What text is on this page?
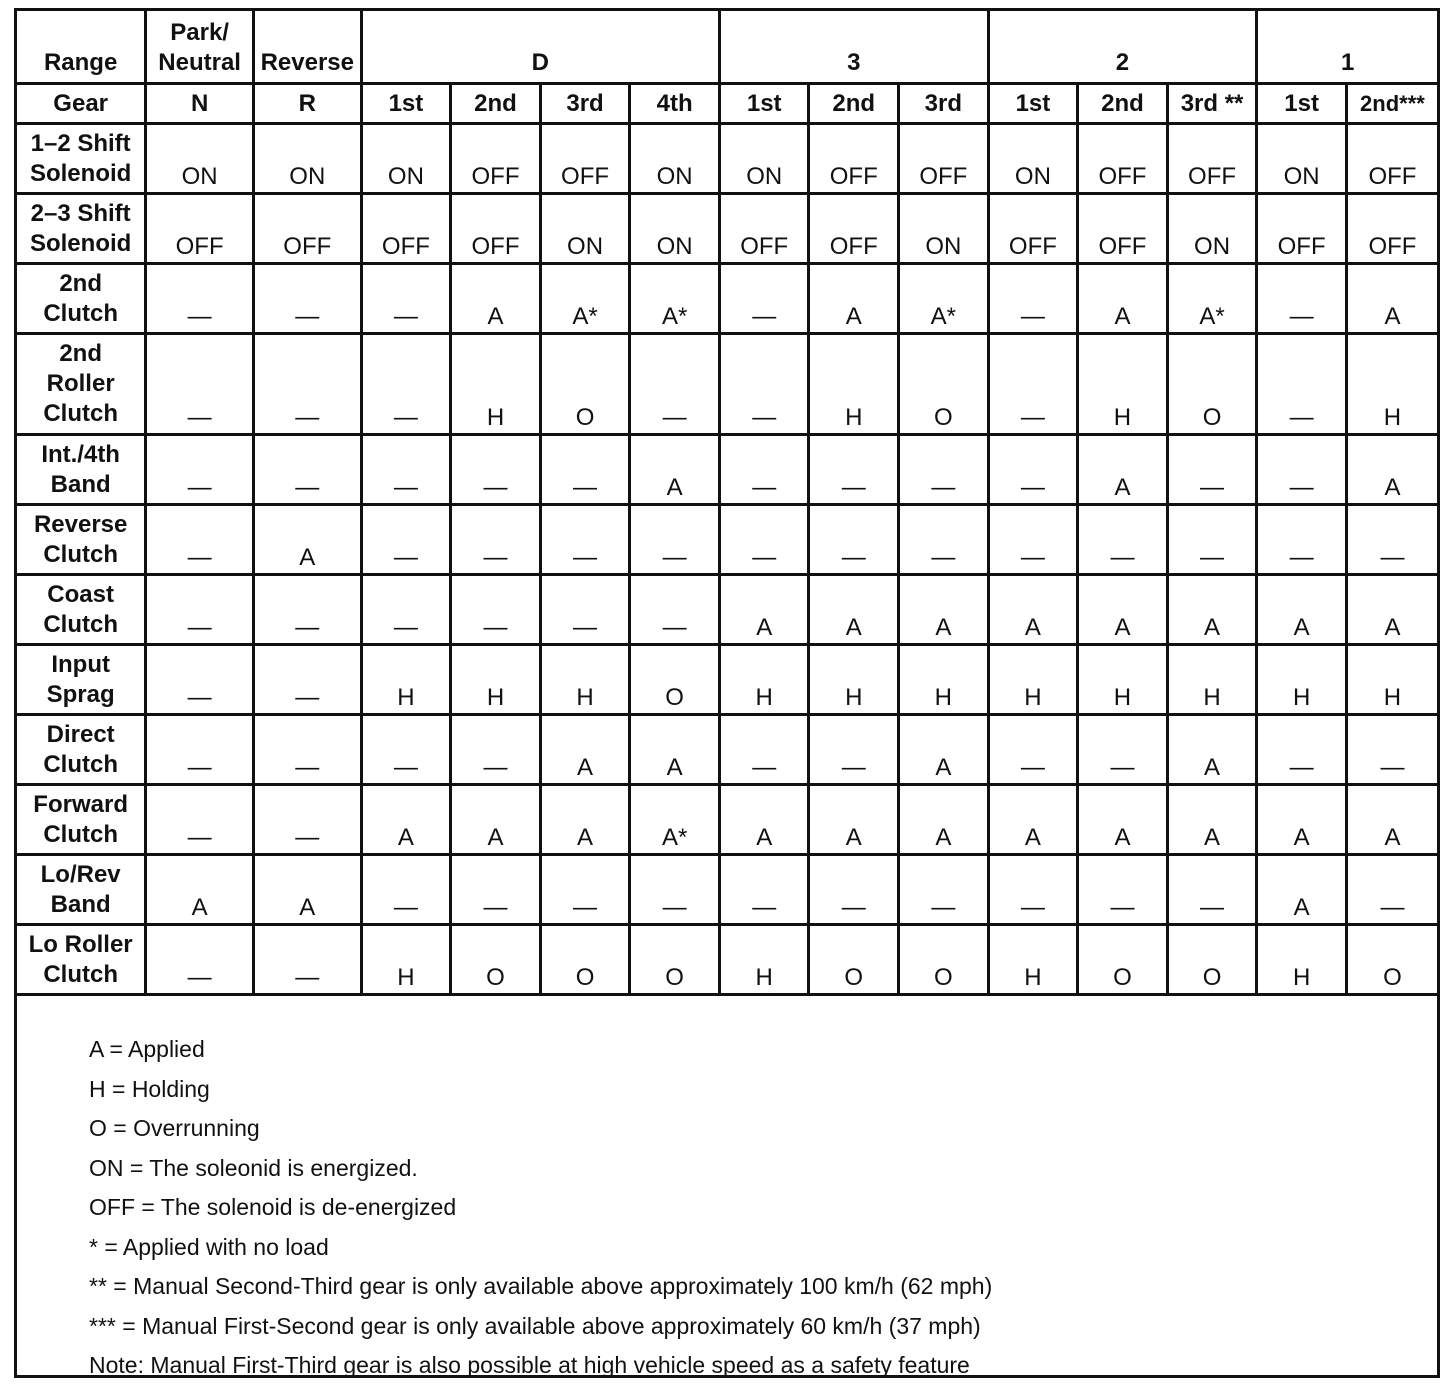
Range	Park/
Neutral	Reverse	D				3			2			1	
Gear	N	R	1st	2nd	3rd	4th	1st	2nd	3rd	1st	2nd	3rd **	1st	2nd***
1–2 Shift
Solenoid	ON	ON	ON	OFF	OFF	ON	ON	OFF	OFF	ON	OFF	OFF	ON	OFF
2–3 Shift
Solenoid	OFF	OFF	OFF	OFF	ON	ON	OFF	OFF	ON	OFF	OFF	ON	OFF	OFF
2nd
Clutch	—	—	—	A	A*	A*	—	A	A*	—	A	A*	—	A
2nd
Roller
Clutch	—	—	—	H	O	—	—	H	O	—	H	O	—	H
Int./4th
Band	—	—	—	—	—	A	—	—	—	—	A	—	—	A
Reverse
Clutch	—	A	—	—	—	—	—	—	—	—	—	—	—	—
Coast
Clutch	—	—	—	—	—	—	A	A	A	A	A	A	A	A
Input
Sprag	—	—	H	H	H	O	H	H	H	H	H	H	H	H
Direct
Clutch	—	—	—	—	A	A	—	—	A	—	—	A	—	—
Forward
Clutch	—	—	A	A	A	A*	A	A	A	A	A	A	A	A
Lo/Rev
Band	A	A	—	—	—	—	—	—	—	—	—	—	A	—
Lo Roller
Clutch	—	—	H	O	O	O	H	O	O	H	O	O	H	O
A = Applied
H = Holding
O = Overrunning
ON = The soleonid is energized.
OFF = The solenoid is de-energized
* = Applied with no load
** = Manual Second-Third gear is only available above approximately 100 km/h (62 mph)
*** = Manual First-Second gear is only available above approximately 60 km/h (37 mph)
Note: Manual First-Third gear is also possible at high vehicle speed as a safety feature
